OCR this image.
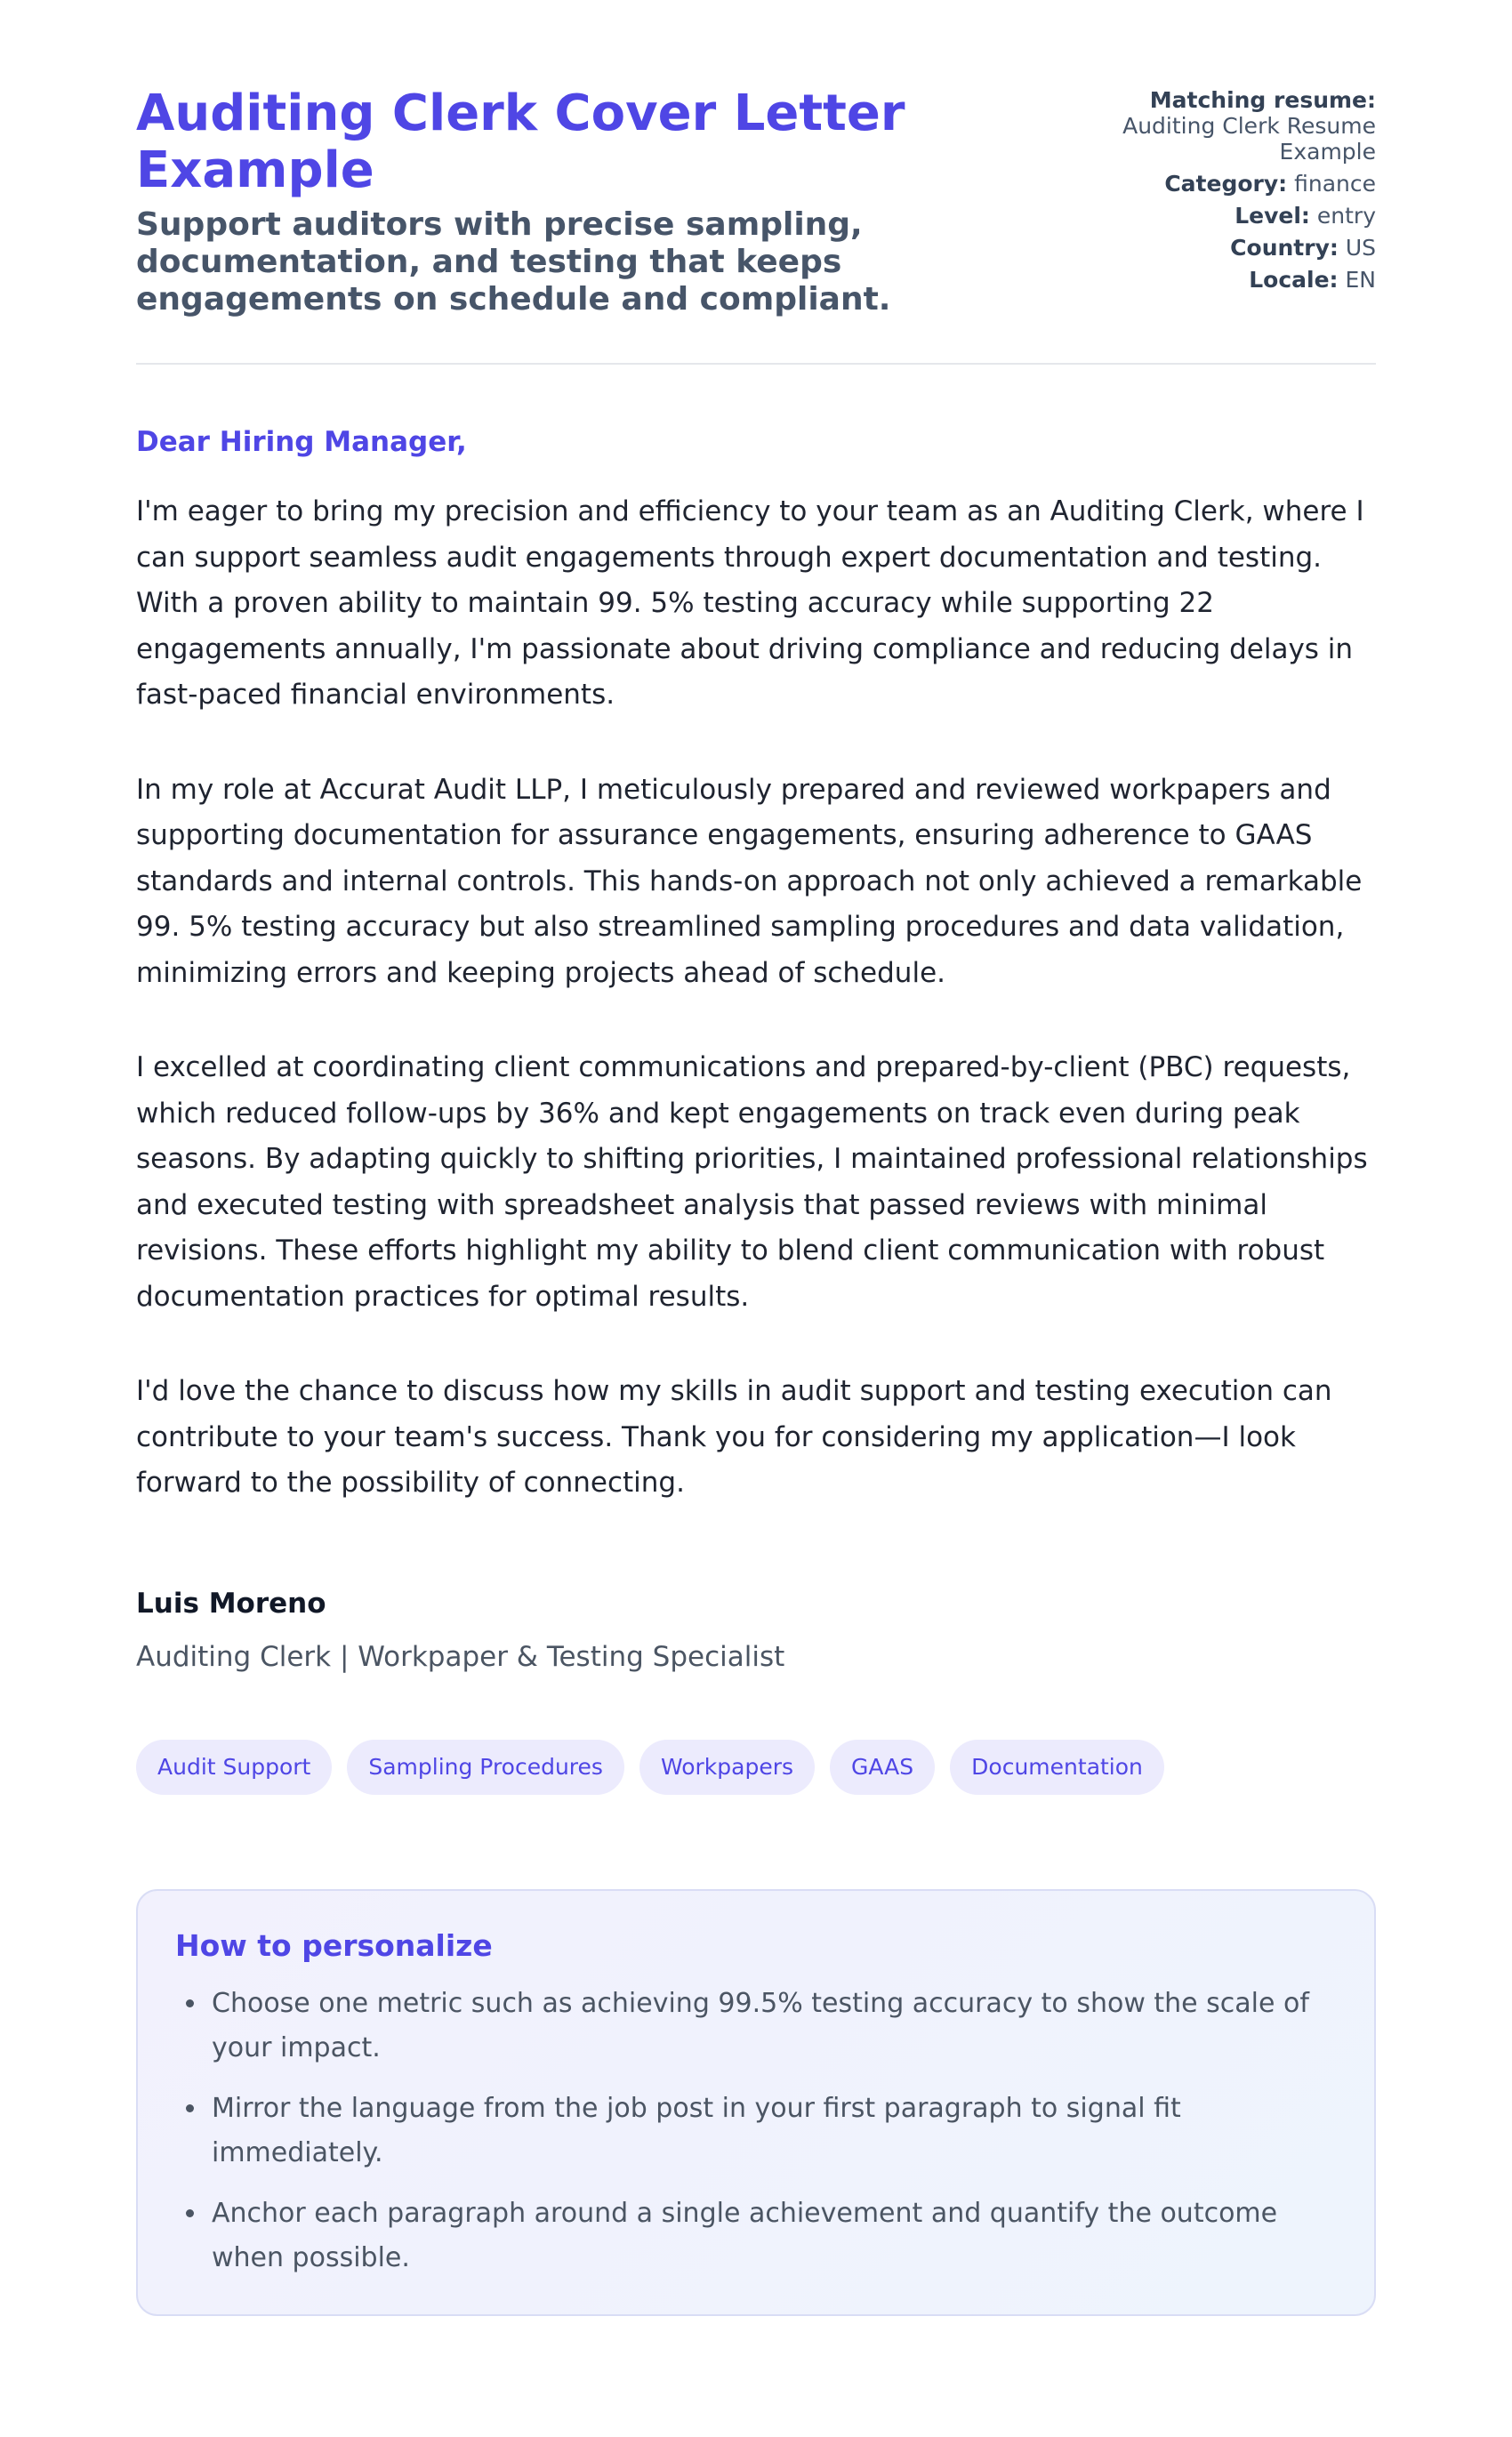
Auditing Clerk Cover Letter Example

Support auditors with precise sampling, documentation, and testing that keeps engagements on schedule and compliant.

Matching resume:
Auditing Clerk Resume Example
Category: finance
Level: entry
Country: US
Locale: EN

Dear Hiring Manager,

I'm eager to bring my precision and efficiency to your team as an Auditing Clerk, where I can support seamless audit engagements through expert documentation and testing. With a proven ability to maintain 99. 5% testing accuracy while supporting 22 engagements annually, I'm passionate about driving compliance and reducing delays in fast-paced financial environments.

In my role at Accurat Audit LLP, I meticulously prepared and reviewed workpapers and supporting documentation for assurance engagements, ensuring adherence to GAAS standards and internal controls. This hands-on approach not only achieved a remarkable 99. 5% testing accuracy but also streamlined sampling procedures and data validation, minimizing errors and keeping projects ahead of schedule.

I excelled at coordinating client communications and prepared-by-client (PBC) requests, which reduced follow-ups by 36% and kept engagements on track even during peak seasons. By adapting quickly to shifting priorities, I maintained professional relationships and executed testing with spreadsheet analysis that passed reviews with minimal revisions. These efforts highlight my ability to blend client communication with robust documentation practices for optimal results.

I'd love the chance to discuss how my skills in audit support and testing execution can contribute to your team's success. Thank you for considering my application—I look forward to the possibility of connecting.

Luis Moreno
Auditing Clerk | Workpaper & Testing Specialist
Audit Support	Sampling Procedures	Workpapers	GAAS	Documentation
How to personalize
• Choose one metric such as achieving 99.5% testing accuracy to show the scale of your impact.
• Mirror the language from the job post in your first paragraph to signal fit immediately.
• Anchor each paragraph around a single achievement and quantify the outcome when possible.
